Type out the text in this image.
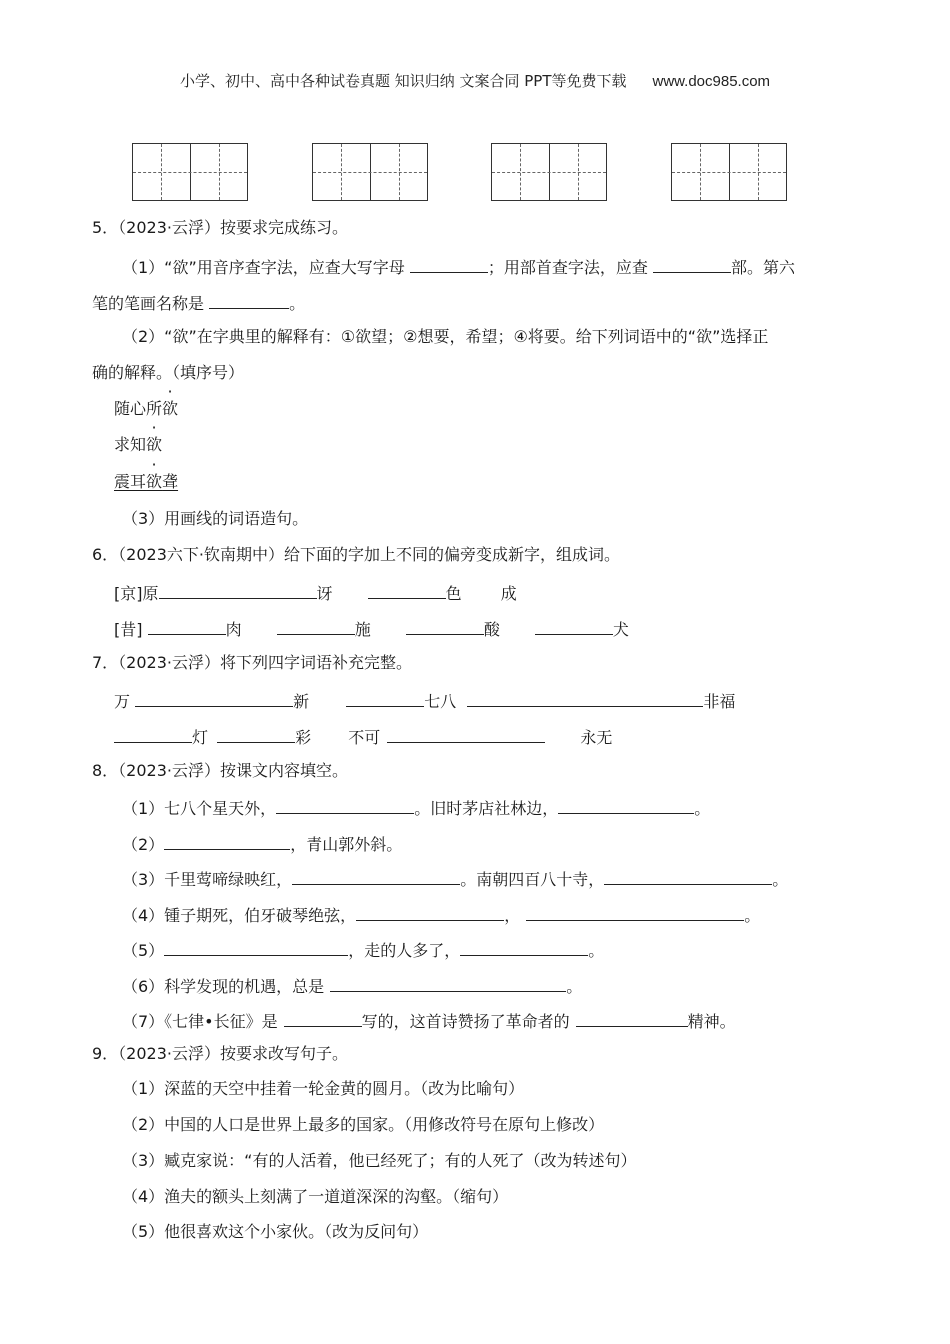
小学、初中、高中各种试卷真题 知识归纳 文案合同 PPT等免费下载 www.doc985.com
5．（2023·云浮）按要求完成练习。
（1）“欲”用音序查字法，应查大写字母	；用部首查字法，应查	部。第六
笔的笔画名称是	。
（2）“欲”在字典里的解释有：①欲望；②想要，希望；④将要。给下列词语中的“欲”选择正
确的解释。（填序号）
随心所欲
求知欲
震耳欲聋
（3）用画线的词语造句。
6．（2023六下·钦南期中）给下面的字加上不同的偏旁变成新字，组成词。
[京]原	讶	色 成
[昔]	肉	施	酸	犬
7．（2023·云浮）将下列四字词语补充完整。
万	新	七八	非福
灯	彩 不可	永无
8．（2023·云浮）按课文内容填空。
（1）七八个星天外，	。旧时茅店社林边，	。
（2）	，青山郭外斜。
（3）千里莺啼绿映红，	。南朝四百八十寺，	。
（4）锺子期死，伯牙破琴绝弦，	，	。
（5）	，走的人多了，	。
（6）科学发现的机遇，总是	。
（7）《七律•长征》是	写的，这首诗赞扬了革命者的	精神。
9．（2023·云浮）按要求改写句子。
（1）深蓝的天空中挂着一轮金黄的圆月。（改为比喻句）
（2）中国的人口是世界上最多的国家。（用修改符号在原句上修改）
（3）臧克家说：“有的人活着，他已经死了；有的人死了（改为转述句）
（4）渔夫的额头上刻满了一道道深深的沟壑。（缩句）
（5）他很喜欢这个小家伙。（改为反问句）
